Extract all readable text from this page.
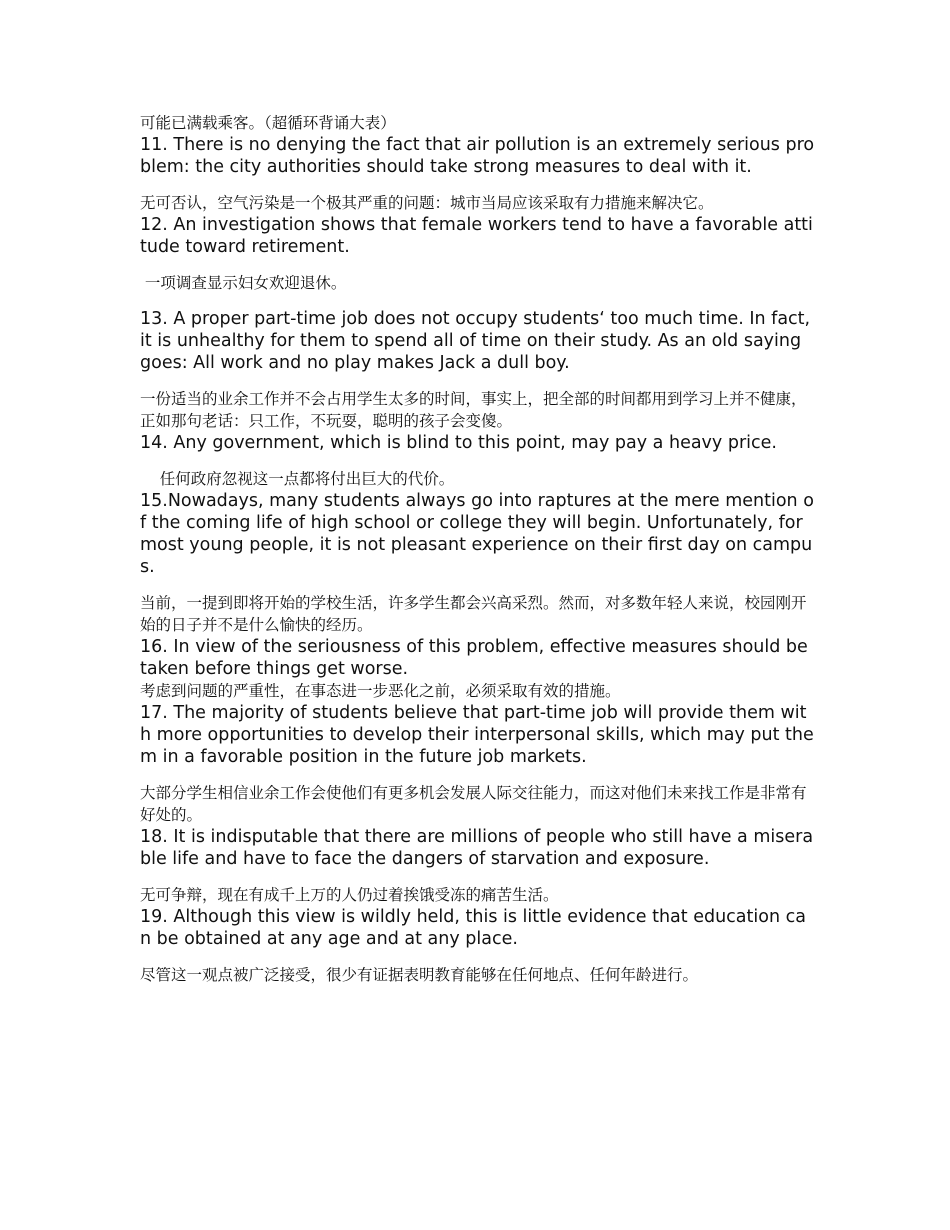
可能已满载乘客。（超循环背诵大表）

11. There is no denying the fact that air pollution is an extremely serious problem: the city authorities should take strong measures to deal with it.

无可否认，空气污染是一个极其严重的问题：城市当局应该采取有力措施来解决它。

12. An investigation shows that female workers tend to have a favorable attitude toward retirement.

一项调查显示妇女欢迎退休。

13. A proper part-time job does not occupy students‘ too much time. In fact, it is unhealthy for them to spend all of time on their study. As an old saying goes: All work and no play makes Jack a dull boy.

一份适当的业余工作并不会占用学生太多的时间，事实上，把全部的时间都用到学习上并不健康，正如那句老话：只工作，不玩耍，聪明的孩子会变傻。

14. Any government, which is blind to this point, may pay a heavy price.

任何政府忽视这一点都将付出巨大的代价。

15.Nowadays, many students always go into raptures at the mere mention of the coming life of high school or college they will begin. Unfortunately, for most young people, it is not pleasant experience on their first day on campus.

当前，一提到即将开始的学校生活，许多学生都会兴高采烈。然而，对多数年轻人来说，校园刚开始的日子并不是什么愉快的经历。

16. In view of the seriousness of this problem, effective measures should be taken before things get worse.

考虑到问题的严重性，在事态进一步恶化之前，必须采取有效的措施。

17. The majority of students believe that part-time job will provide them with more opportunities to develop their interpersonal skills, which may put them in a favorable position in the future job markets.

大部分学生相信业余工作会使他们有更多机会发展人际交往能力，而这对他们未来找工作是非常有好处的。

18. It is indisputable that there are millions of people who still have a miserable life and have to face the dangers of starvation and exposure.

无可争辩，现在有成千上万的人仍过着挨饿受冻的痛苦生活。

19. Although this view is wildly held, this is little evidence that education can be obtained at any age and at any place.

尽管这一观点被广泛接受，很少有证据表明教育能够在任何地点、任何年龄进行。
